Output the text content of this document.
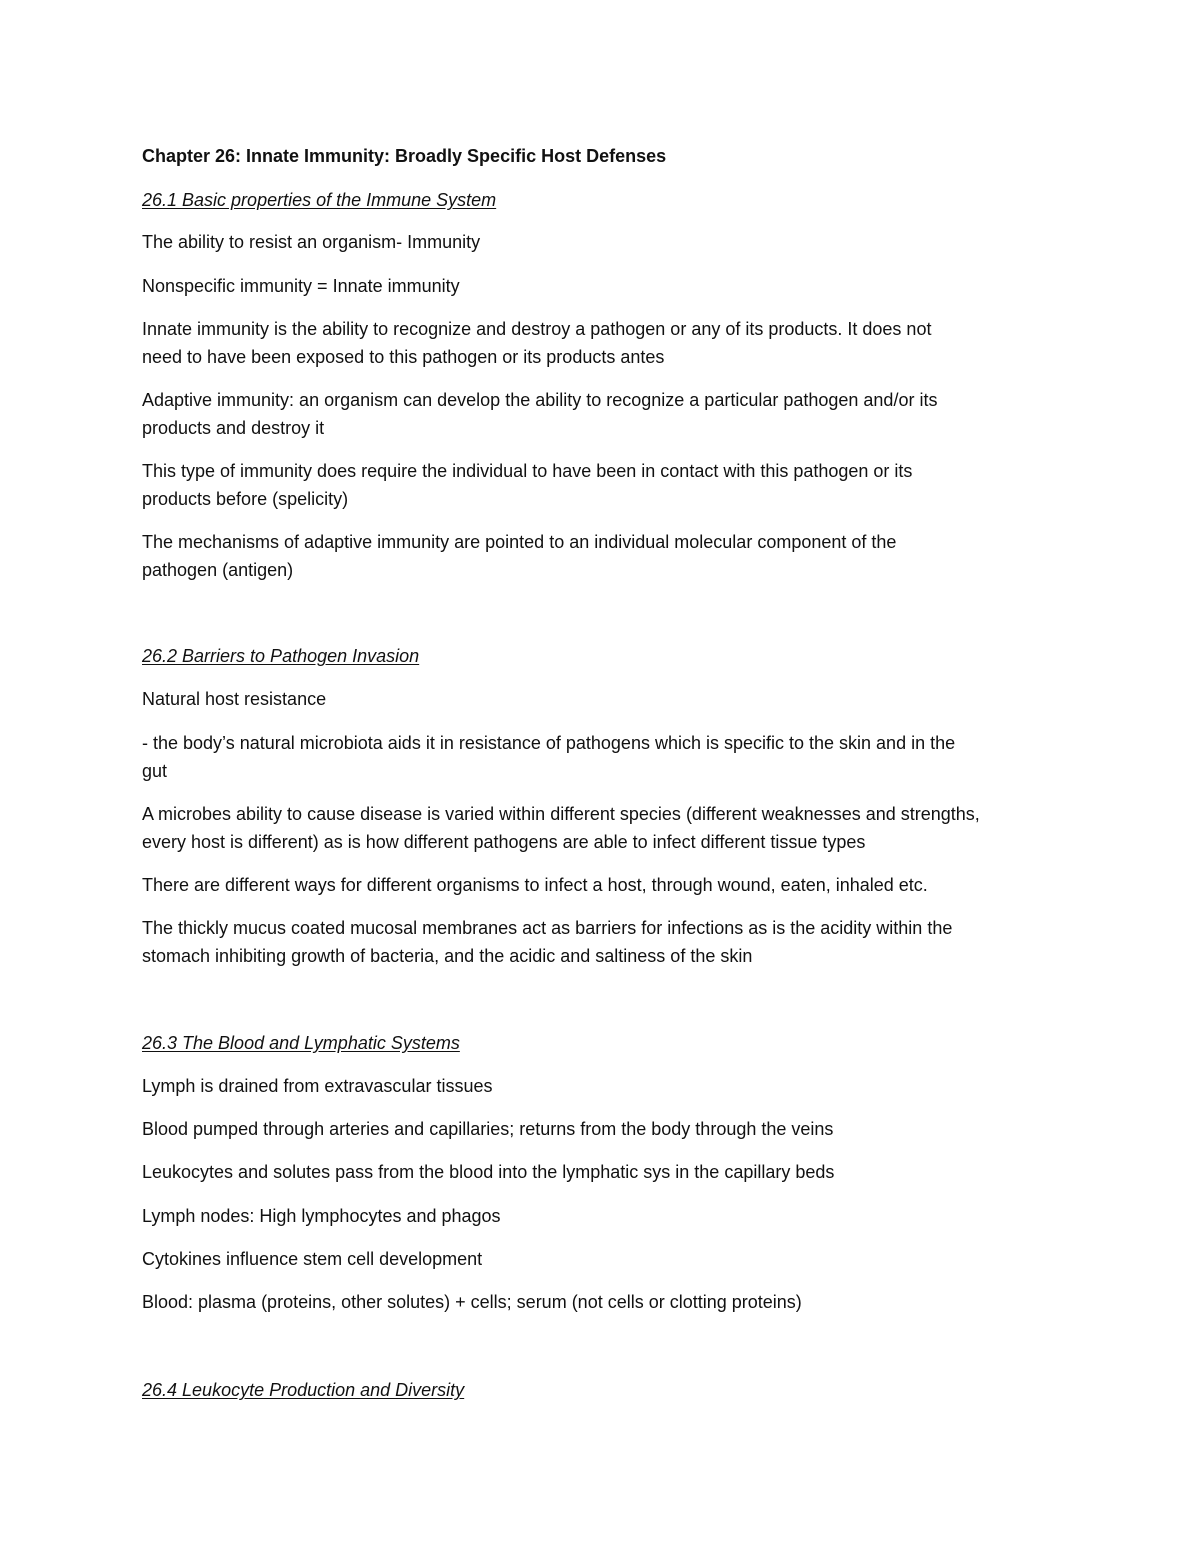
Chapter 26: Innate Immunity: Broadly Specific Host Defenses
26.1 Basic properties of the Immune System
The ability to resist an organism- Immunity
Nonspecific immunity = Innate immunity
Innate immunity is the ability to recognize and destroy a pathogen or any of its products. It does not
need to have been exposed to this pathogen or its products antes
Adaptive immunity: an organism can develop the ability to recognize a particular pathogen and/or its
products and destroy it
This type of immunity does require the individual to have been in contact with this pathogen or its
products before (spelicity)
The mechanisms of adaptive immunity are pointed to an individual molecular component of the
pathogen (antigen)
26.2 Barriers to Pathogen Invasion
Natural host resistance
- the body’s natural microbiota aids it in resistance of pathogens which is specific to the skin and in the
gut
A microbes ability to cause disease is varied within different species (different weaknesses and strengths,
every host is different) as is how different pathogens are able to infect different tissue types
There are different ways for different organisms to infect a host, through wound, eaten, inhaled etc.
The thickly mucus coated mucosal membranes act as barriers for infections as is the acidity within the
stomach inhibiting growth of bacteria, and the acidic and saltiness of the skin
26.3 The Blood and Lymphatic Systems
Lymph is drained from extravascular tissues
Blood pumped through arteries and capillaries; returns from the body through the veins
Leukocytes and solutes pass from the blood into the lymphatic sys in the capillary beds
Lymph nodes: High lymphocytes and phagos
Cytokines influence stem cell development
Blood: plasma (proteins, other solutes) + cells; serum (not cells or clotting proteins)
26.4 Leukocyte Production and Diversity
